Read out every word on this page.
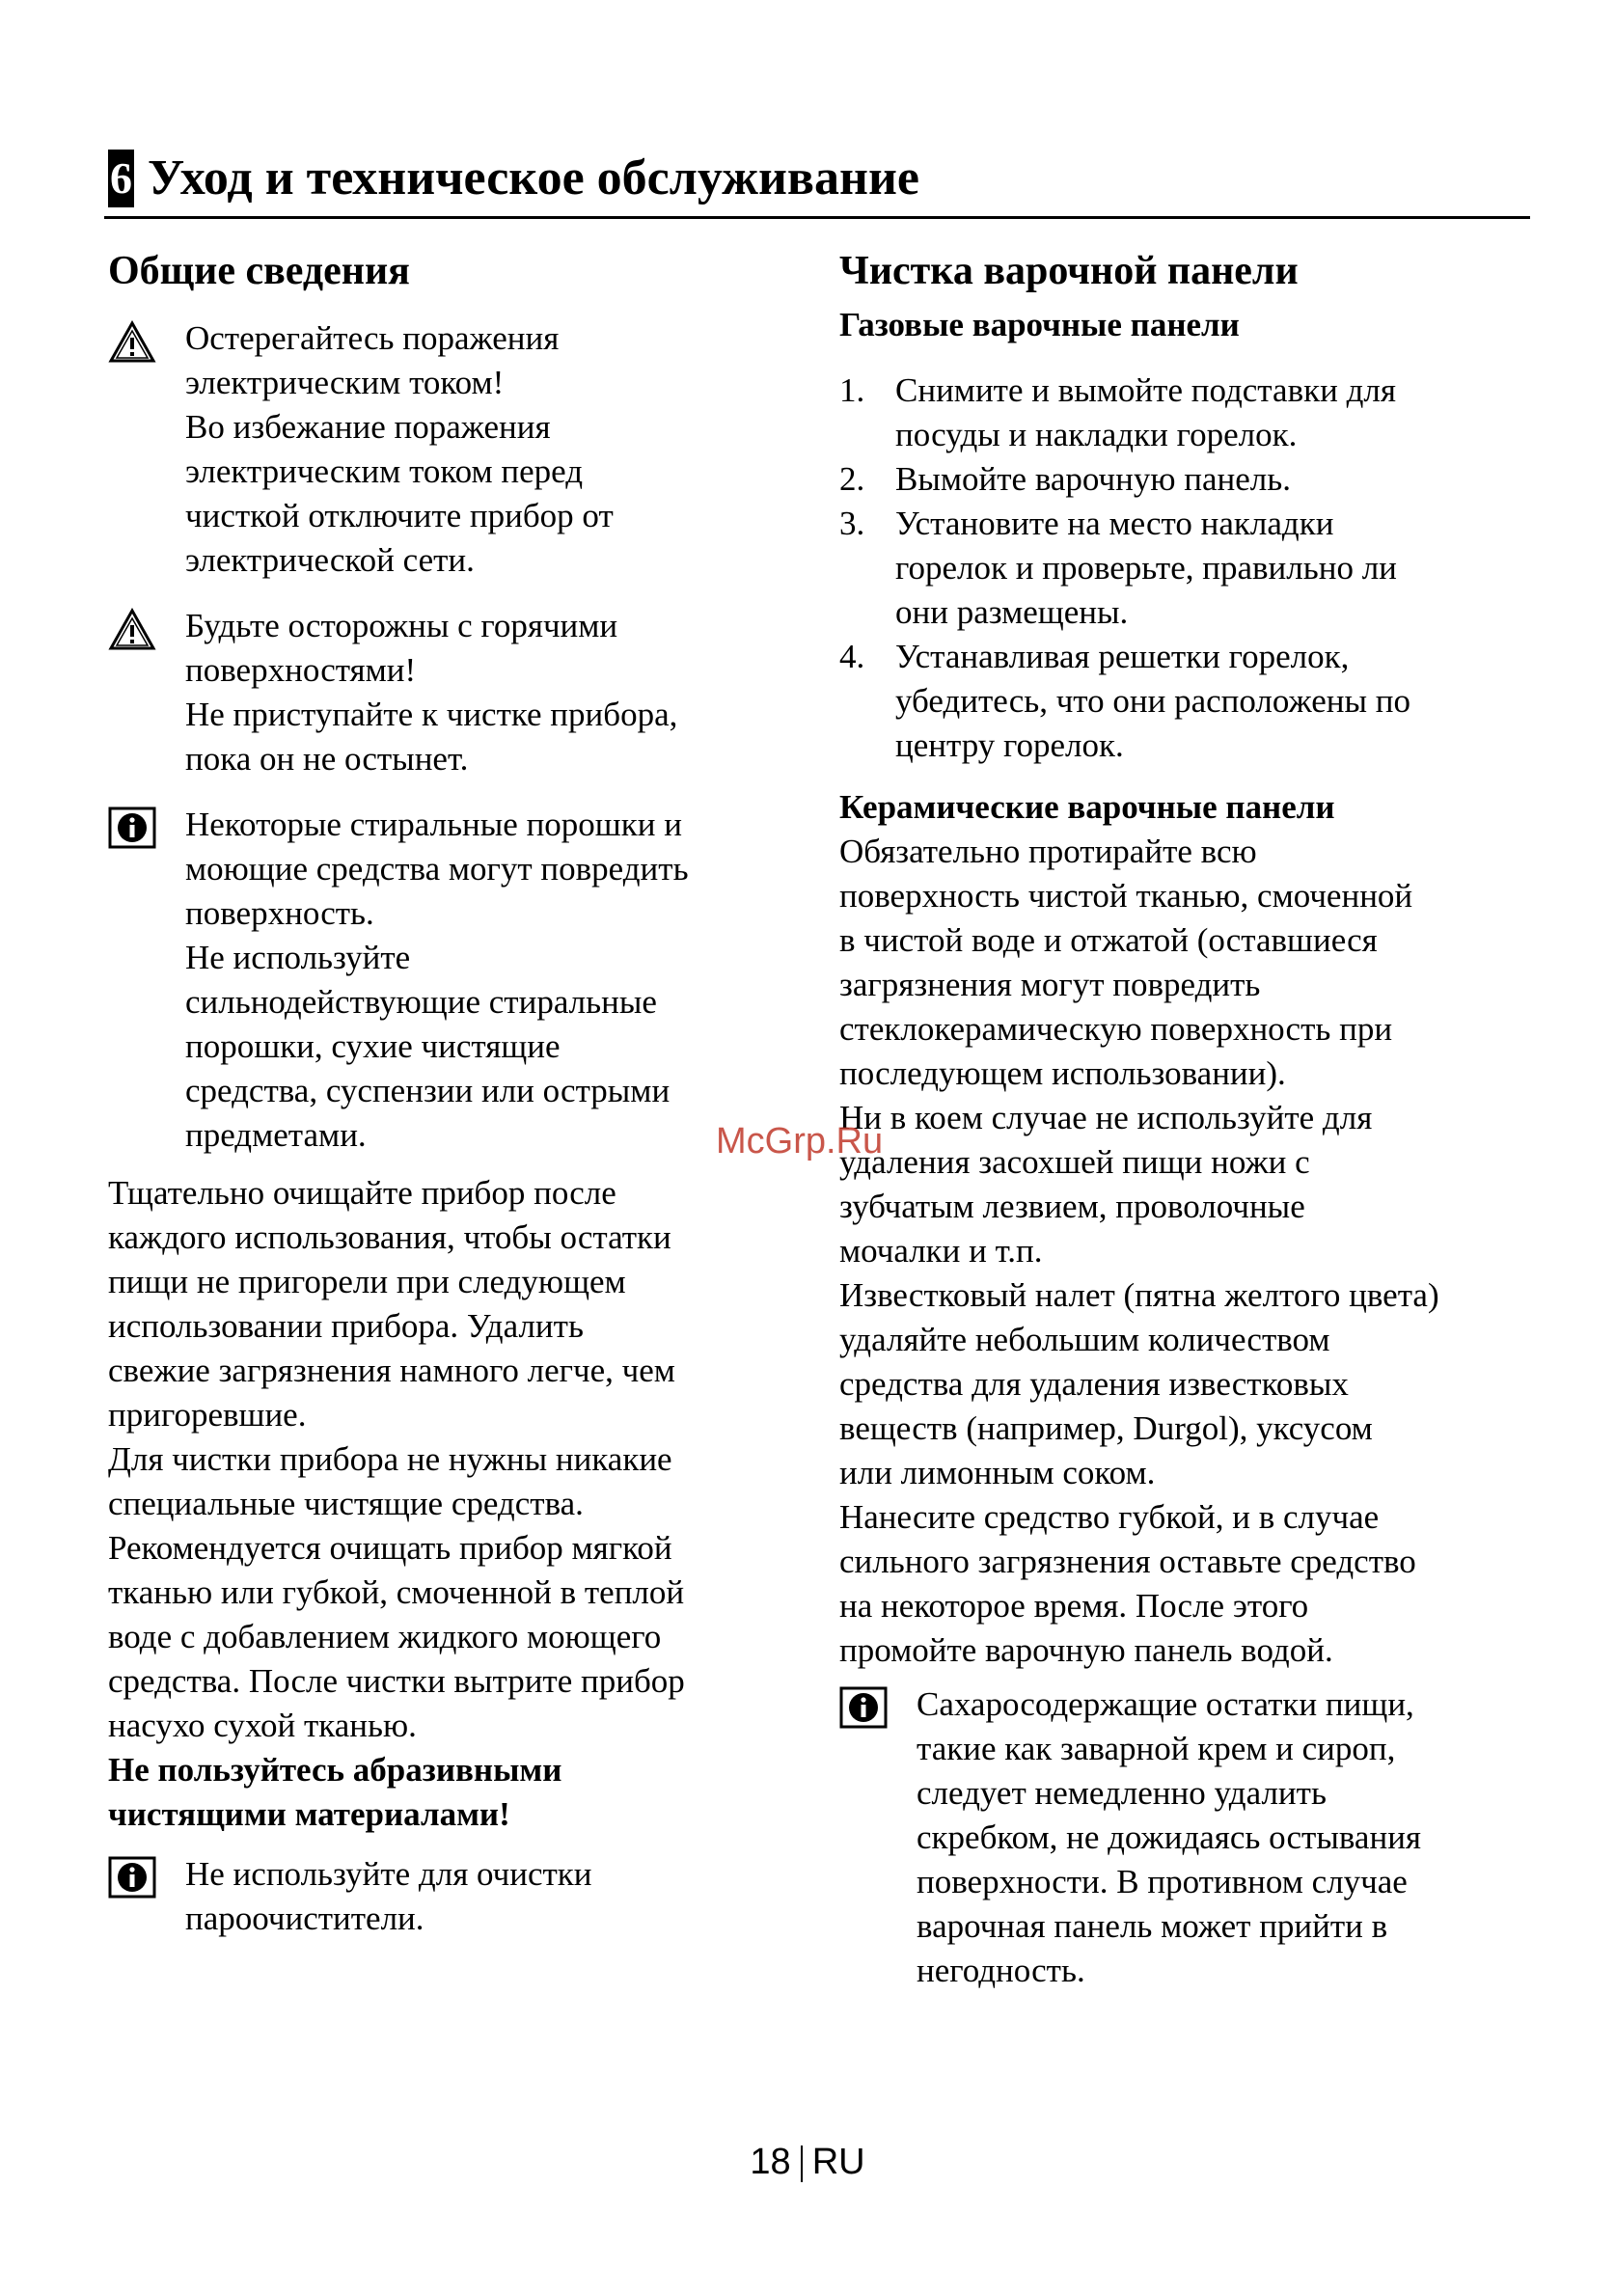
6 Уход и техническое обслуживание
Общие сведения

Остерегайтесь поражения

электрическим током!

Во избежание поражения

электрическим током перед

чисткой отключите прибор от

электрической сети.

Будьте осторожны с горячими

поверхностями!

Не приступайте к чистке прибора,

пока он не остынет.

Некоторые стиральные порошки и

моющие средства могут повредить

поверхность.

Не используйте

сильнодействующие стиральные

порошки, сухие чистящие

средства, суспензии или острыми

предметами.

Тщательно очищайте прибор после

каждого использования, чтобы остатки

пищи не пригорели при следующем

использовании прибора. Удалить

свежие загрязнения намного легче, чем

пригоревшие.

Для чистки прибора не нужны никакие

специальные чистящие средства.

Рекомендуется очищать прибор мягкой

тканью или губкой, смоченной в теплой

воде с добавлением жидкого моющего

средства. После чистки вытрите прибор

насухо сухой тканью.

Не пользуйтесь абразивными

чистящими материалами!

Не используйте для очистки

пароочистители.

Чистка варочной панели
Газовые варочные панели
1. Снимите и вымойте подставки для
посуды и накладки горелок.
2. Вымойте варочную панель.
3. Установите на место накладки
горелок и проверьте, правильно ли
они размещены.
4. Устанавливая решетки горелок,
убедитесь, что они расположены по
центру горелок.
Керамические варочные панели

Обязательно протирайте всю

поверхность чистой тканью, смоченной

в чистой воде и отжатой (оставшиеся

загрязнения могут повредить

стеклокерамическую поверхность при

последующем использовании).

Ни в коем случае не используйте для

удаления засохшей пищи ножи с

зубчатым лезвием, проволочные

мочалки и т.п.

Известковый налет (пятна желтого цвета)

удаляйте небольшим количеством

средства для удаления известковых

веществ (например, Durgol), уксусом

или лимонным соком.

Нанесите средство губкой, и в случае

сильного загрязнения оставьте средство

на некоторое время. После этого

промойте варочную панель водой.

Сахаросодержащие остатки пищи,

такие как заварной крем и сироп,

следует немедленно удалить

скребком, не дожидаясь остывания

поверхности. В противном случае

варочная панель может прийти в

негодность.

McGrp.Ru
18 RU
